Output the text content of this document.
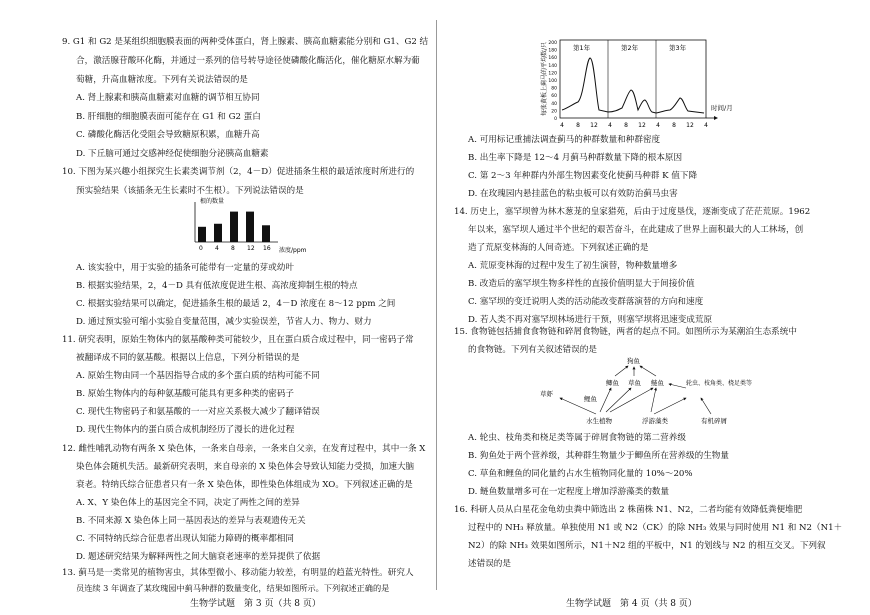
9. G1 和 G2 是某组织细胞膜表面的两种受体蛋白，肾上腺素、胰高血糖素能分别和 G1、G2 结
合，激活腺苷酸环化酶，并通过一系列的信号转导途径使磷酸化酶活化，催化糖原水解为葡
萄糖，升高血糖浓度。下列有关说法错误的是
A. 肾上腺素和胰高血糖素对血糖的调节相互协同
B. 肝细胞的细胞膜表面可能存在 G1 和 G2 蛋白
C. 磷酸化酶活化受阻会导致糖原积累，血糖升高
D. 下丘脑可通过交感神经促使细胞分泌胰高血糖素
10. 下图为某兴趣小组探究生长素类调节剂（2，4－D）促进插条生根的最适浓度时所进行的
预实验结果（该插条无生长素时不生根）。下列说法错误的是
根的数量
浓度/ppm
0 4 8 12 16
A. 该实验中，用于实验的插条可能带有一定量的芽或幼叶
B. 根据实验结果，2，4－D 具有低浓度促进生根、高浓度抑制生根的特点
C. 根据实验结果可以确定，促进插条生根的最适 2，4－D 浓度在 8～12 ppm 之间
D. 通过预实验可缩小实验自变量范围，减少实验误差，节省人力、物力、财力
11. 研究表明，原始生物体内的氨基酸种类可能较少，且在蛋白质合成过程中，同一密码子常
被翻译成不同的氨基酸。根据以上信息，下列分析错误的是
A. 原始生物由同一个基因指导合成的多个蛋白质的结构可能不同
B. 原始生物体内的每种氨基酸可能具有更多种类的密码子
C. 现代生物密码子和氨基酸的一一对应关系极大减少了翻译错误
D. 现代生物体内的蛋白质合成机制经历了漫长的进化过程
12. 雌性哺乳动物有两条 X 染色体，一条来自母亲，一条来自父亲，在发育过程中，其中一条 X
染色体会随机失活。最新研究表明，来自母亲的 X 染色体会导致认知能力受损，加速大脑
衰老。特纳氏综合征患者只有一条 X 染色体，即性染色体组成为 XO。下列叙述正确的是
A. X、Y 染色体上的基因完全不同，决定了两性之间的差异
B. 不同来源 X 染色体上同一基因表达的差异与表观遗传无关
C. 不同特纳氏综合征患者出现认知能力障碍的概率都相同
D. 题述研究结果为解释两性之间大脑衰老速率的差异提供了依据
13. 蓟马是一类常见的植物害虫，其体型微小、移动能力较差，有明显的趋蓝光特性。研究人
员连续 3 年调查了某玫瑰园中蓟马种群的数量变化，结果如图所示。下列叙述正确的是
生物学试题　第 3 页（共 8 页）
每张黄板上蓟马的平均数/只 200
180
160
140
120
100
80
60
40
20
0
第1年	第2年	第3年
时间/月
4 8 12 4 8 12 4 8 12 4
A. 可用标记重捕法调查蓟马的种群数量和种群密度
B. 出生率下降是 12～4 月蓟马种群数量下降的根本原因
C. 第 2～3 年种群内外部生物因素变化使蓟马种群 K 值下降
D. 在玫瑰园内悬挂蓝色的粘虫板可以有效防治蓟马虫害
14. 历史上，塞罕坝曾为林木葱茏的皇家猎苑，后由于过度垦伐，逐渐变成了茫茫荒原。1962
年以来，塞罕坝人通过半个世纪的艰苦奋斗，在此建成了世界上面积最大的人工林场，创
造了荒原变林海的人间奇迹。下列叙述正确的是
A. 荒原变林海的过程中发生了初生演替，物种数量增多
B. 改造后的塞罕坝生物多样性的直接价值明显大于间接价值
C. 塞罕坝的变迁说明人类的活动能改变群落演替的方向和速度
D. 若人类不再对塞罕坝林场进行干预，则塞罕坝将迅速变成荒原
15. 食物链包括捕食食物链和碎屑食物链，两者的起点不同。如图所示为某潮泊生态系统中
的食物链。下列有关叙述错误的是
狗鱼
鲫鱼 草鱼 鲢鱼
鲤鱼
轮虫、枝角类、桡足类等
草虾
水生植物	浮游藻类	有机碎屑
A. 轮虫、枝角类和桡足类等属于碎屑食物链的第二营养级
B. 狗鱼处于两个营养级，其种群生物量少于鲫鱼所在营养级的生物量
C. 草鱼和鲤鱼的同化量约占水生植物同化量的 10%～20%
D. 鲢鱼数量增多可在一定程度上增加浮游藻类的数量
16. 科研人员从白星花金龟幼虫粪中筛选出 2 株菌株 N1、N2，二者均能有效降低粪便堆肥
过程中的 NH₃ 释放量。单独使用 N1 或 N2（CK）的除 NH₃ 效果与同时使用 N1 和 N2（N1＋
N2）的除 NH₃ 效果如图所示，N1＋N2 组的平板中，N1 的划线与 N2 的相互交叉。下列叙
述错误的是
生物学试题　第 4 页（共 8 页）
